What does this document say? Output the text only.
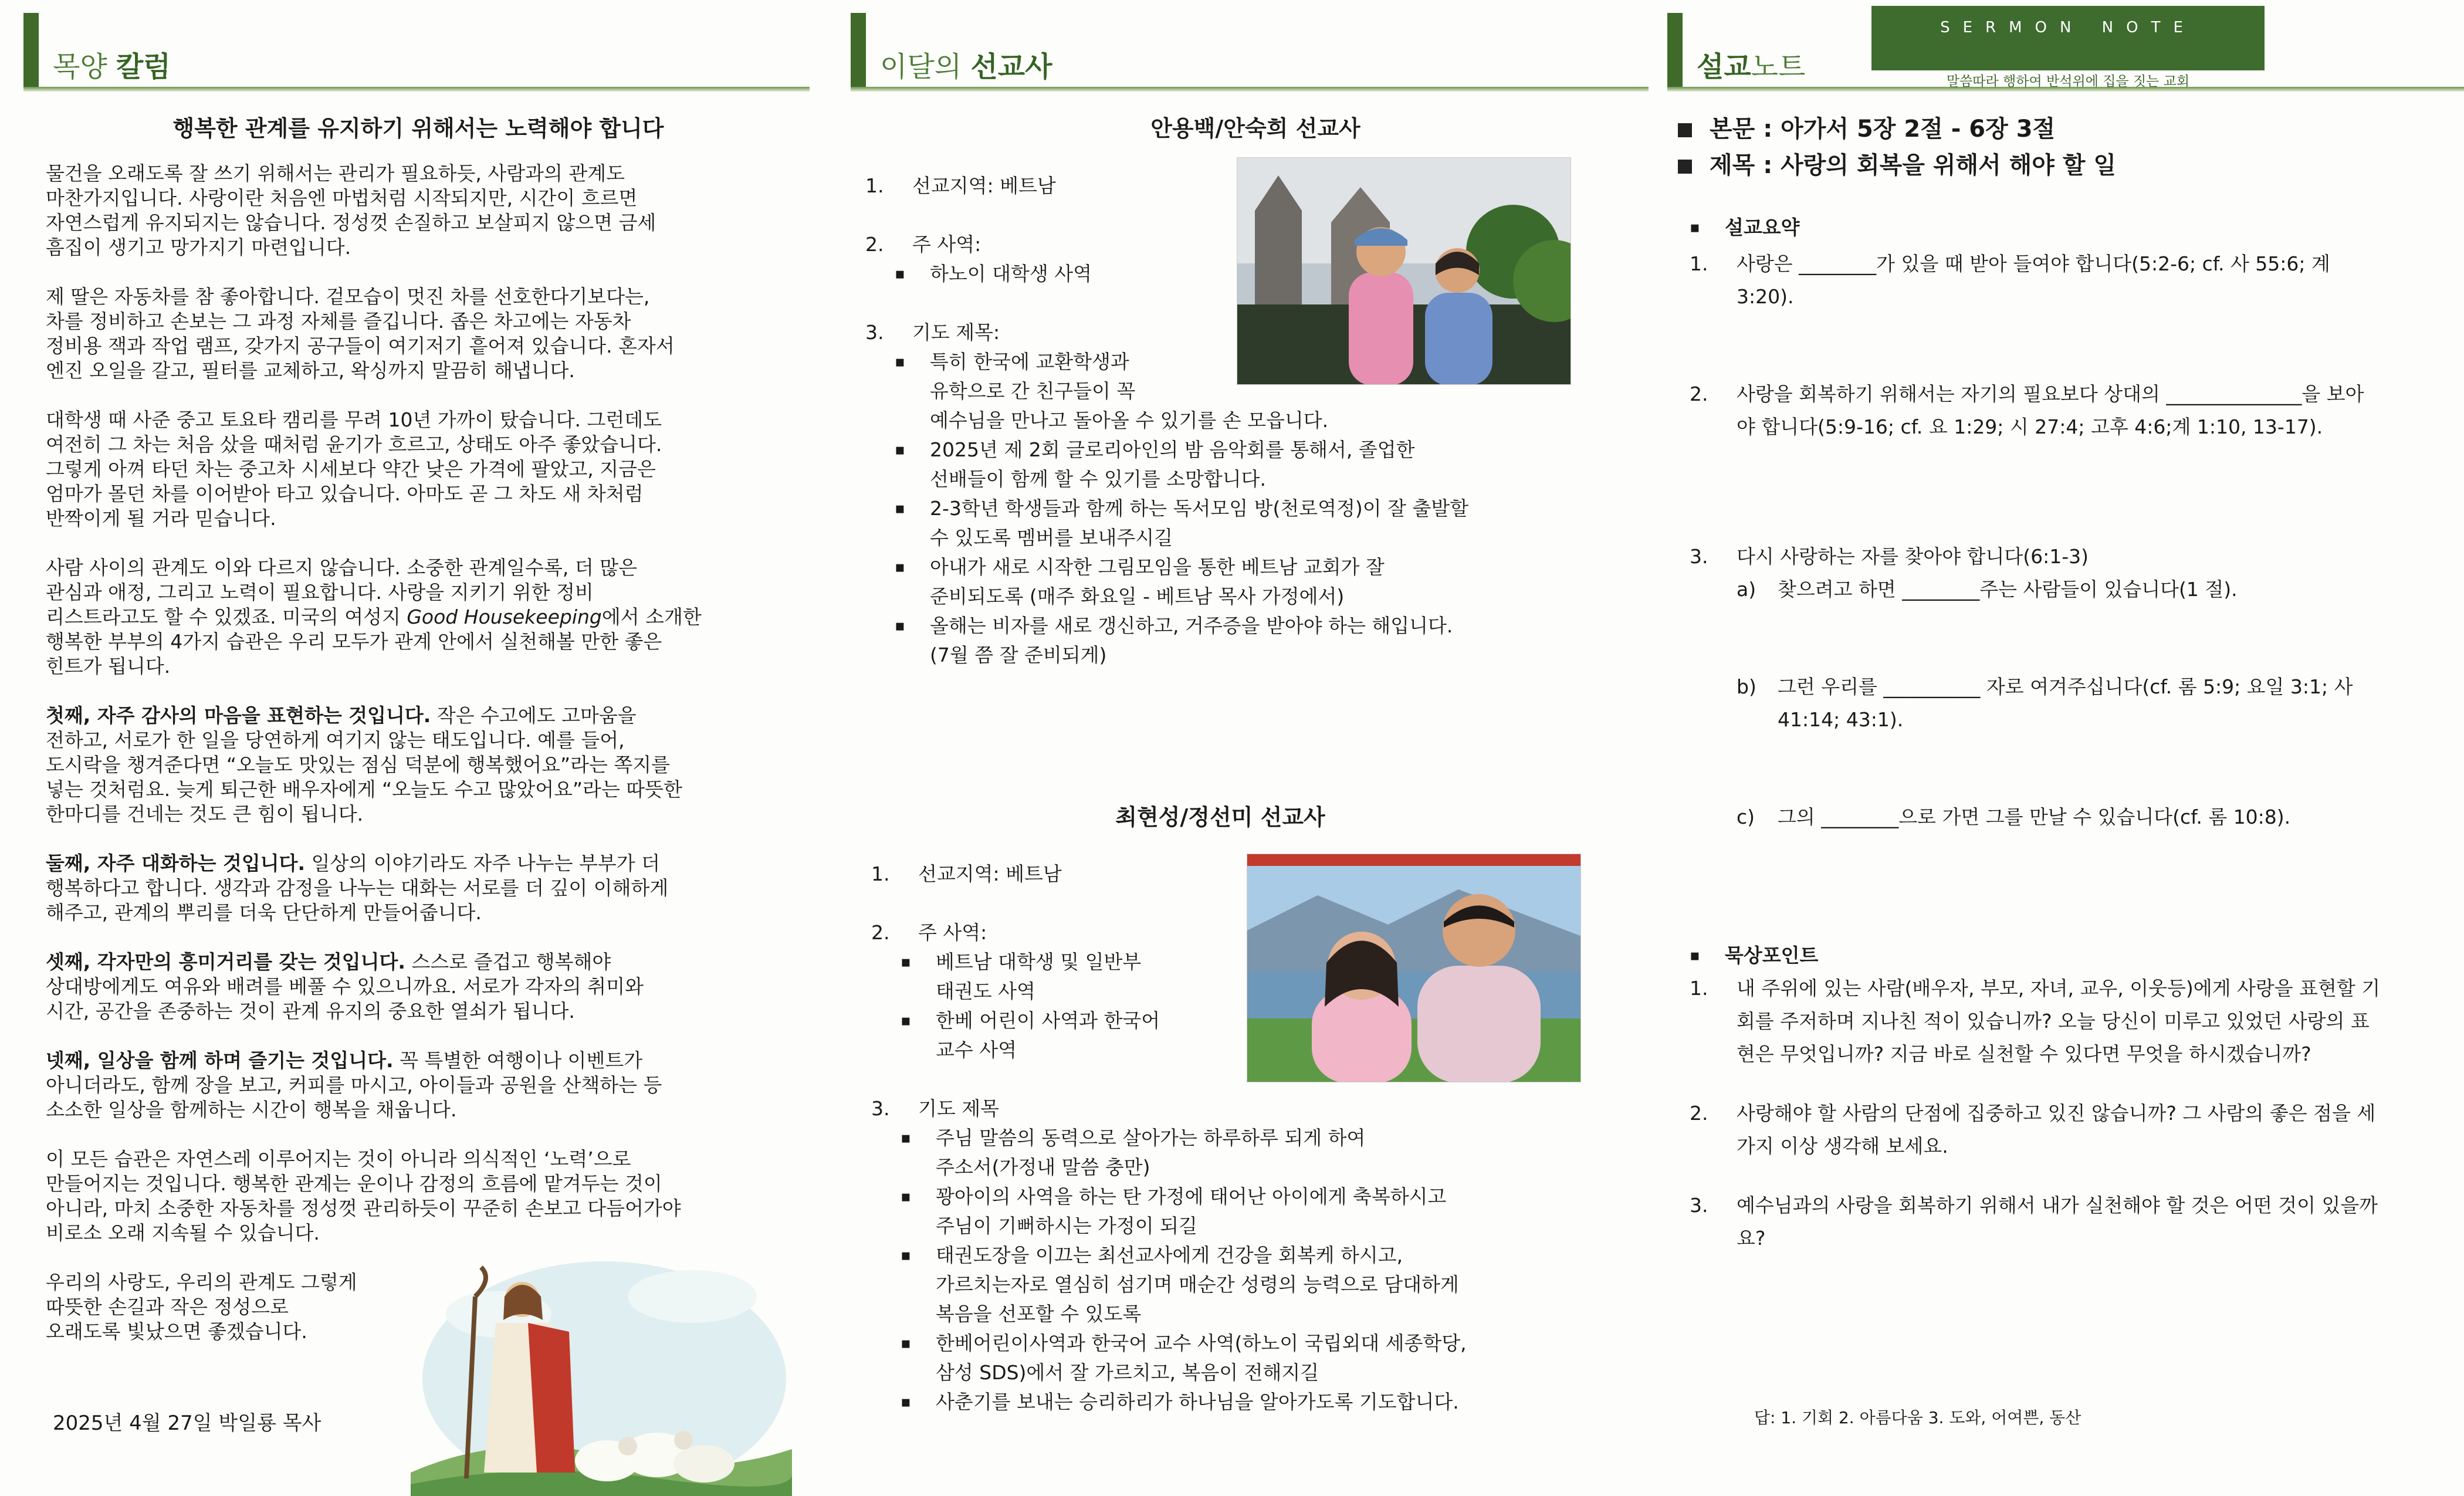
목양 칼럼
행복한 관계를 유지하기 위해서는 노력해야 합니다
물건을 오래도록 잘 쓰기 위해서는 관리가 필요하듯, 사람과의 관계도
마찬가지입니다. 사랑이란 처음엔 마법처럼 시작되지만, 시간이 흐르면
자연스럽게 유지되지는 않습니다. 정성껏 손질하고 보살피지 않으면 금세
흠집이 생기고 망가지기 마련입니다.
제 딸은 자동차를 참 좋아합니다. 겉모습이 멋진 차를 선호한다기보다는,
차를 정비하고 손보는 그 과정 자체를 즐깁니다. 좁은 차고에는 자동차
정비용 잭과 작업 램프, 갖가지 공구들이 여기저기 흩어져 있습니다. 혼자서
엔진 오일을 갈고, 필터를 교체하고, 왁싱까지 말끔히 해냅니다.
대학생 때 사준 중고 토요타 캠리를 무려 10년 가까이 탔습니다. 그런데도
여전히 그 차는 처음 샀을 때처럼 윤기가 흐르고, 상태도 아주 좋았습니다.
그렇게 아껴 타던 차는 중고차 시세보다 약간 낮은 가격에 팔았고, 지금은
엄마가 몰던 차를 이어받아 타고 있습니다. 아마도 곧 그 차도 새 차처럼
반짝이게 될 거라 믿습니다.
사람 사이의 관계도 이와 다르지 않습니다. 소중한 관계일수록, 더 많은
관심과 애정, 그리고 노력이 필요합니다. 사랑을 지키기 위한 정비
리스트라고도 할 수 있겠죠. 미국의 여성지 Good Housekeeping에서 소개한
행복한 부부의 4가지 습관은 우리 모두가 관계 안에서 실천해볼 만한 좋은
힌트가 됩니다.
첫째, 자주 감사의 마음을 표현하는 것입니다. 작은 수고에도 고마움을
전하고, 서로가 한 일을 당연하게 여기지 않는 태도입니다. 예를 들어,
도시락을 챙겨준다면 “오늘도 맛있는 점심 덕분에 행복했어요”라는 쪽지를
넣는 것처럼요. 늦게 퇴근한 배우자에게 “오늘도 수고 많았어요”라는 따뜻한
한마디를 건네는 것도 큰 힘이 됩니다.
둘째, 자주 대화하는 것입니다. 일상의 이야기라도 자주 나누는 부부가 더
행복하다고 합니다. 생각과 감정을 나누는 대화는 서로를 더 깊이 이해하게
해주고, 관계의 뿌리를 더욱 단단하게 만들어줍니다.
셋째, 각자만의 흥미거리를 갖는 것입니다. 스스로 즐겁고 행복해야
상대방에게도 여유와 배려를 베풀 수 있으니까요. 서로가 각자의 취미와
시간, 공간을 존중하는 것이 관계 유지의 중요한 열쇠가 됩니다.
넷째, 일상을 함께 하며 즐기는 것입니다. 꼭 특별한 여행이나 이벤트가
아니더라도, 함께 장을 보고, 커피를 마시고, 아이들과 공원을 산책하는 등
소소한 일상을 함께하는 시간이 행복을 채웁니다.
이 모든 습관은 자연스레 이루어지는 것이 아니라 의식적인 ‘노력’으로
만들어지는 것입니다. 행복한 관계는 운이나 감정의 흐름에 맡겨두는 것이
아니라, 마치 소중한 자동차를 정성껏 관리하듯이 꾸준히 손보고 다듬어가야
비로소 오래 지속될 수 있습니다.
우리의 사랑도, 우리의 관계도 그렇게
따뜻한 손길과 작은 정성으로
오래도록 빛났으면 좋겠습니다.
2025년 4월 27일 박일룡 목사
이달의 선교사
안용백/안숙희 선교사
1. 선교지역: 베트남
2. 주 사역:
▪ 하노이 대학생 사역
3. 기도 제목:
▪ 특히 한국에 교환학생과
유학으로 간 친구들이 꼭
예수님을 만나고 돌아올 수 있기를 손 모읍니다.
▪ 2025년 제 2회 글로리아인의 밤 음악회를 통해서, 졸업한
선배들이 함께 할 수 있기를 소망합니다.
▪ 2-3학년 학생들과 함께 하는 독서모임 방(천로역정)이 잘 출발할
수 있도록 멤버를 보내주시길
▪ 아내가 새로 시작한 그림모임을 통한 베트남 교회가 잘
준비되도록 (매주 화요일 - 베트남 목사 가정에서)
▪ 올해는 비자를 새로 갱신하고, 거주증을 받아야 하는 해입니다.
(7월 쯤 잘 준비되게)
최현성/정선미 선교사
1. 선교지역: 베트남
2. 주 사역:
▪ 베트남 대학생 및 일반부
태권도 사역
▪ 한베 어린이 사역과 한국어
교수 사역
3. 기도 제목
▪ 주님 말씀의 동력으로 살아가는 하루하루 되게 하여
주소서(가정내 말씀 충만)
▪ 꽝아이의 사역을 하는 탄 가정에 태어난 아이에게 축복하시고
주님이 기뻐하시는 가정이 되길
▪ 태권도장을 이끄는 최선교사에게 건강을 회복케 하시고,
가르치는자로 열심히 섬기며 매순간 성령의 능력으로 담대하게
복음을 선포할 수 있도록
▪ 한베어린이사역과 한국어 교수 사역(하노이 국립외대 세종학당,
삼성 SDS)에서 잘 가르치고, 복음이 전해지길
▪ 사춘기를 보내는 승리하리가 하나님을 알아가도록 기도합니다.
설교노트
SERMON NOTE
말씀따라 행하여 반석위에 집을 짓는 교회
본문 : 아가서 5장 2절 - 6장 3절
제목 : 사랑의 회복을 위해서 해야 할 일
▪ 설교요약
1.	사랑은 ________가 있을 때 받아 들여야 합니다(5:2-6; cf. 사 55:6; 계 3:20).
2.	사랑을 회복하기 위해서는 자기의 필요보다 상대의 ______________을 보아야 합니다(5:9-16; cf. 요 1:29; 시 27:4; 고후 4:6;계 1:10, 13-17).
3.	다시 사랑하는 자를 찾아야 합니다(6:1-3)
a)	찾으려고 하면 ________주는 사람들이 있습니다(1 절).
b)	그런 우리를 __________ 자로 여겨주십니다(cf. 롬 5:9; 요일 3:1; 사 41:14; 43:1).
c)	그의 ________으로 가면 그를 만날 수 있습니다(cf. 롬 10:8).
▪ 묵상포인트
1.	내 주위에 있는 사람(배우자, 부모, 자녀, 교우, 이웃등)에게 사랑을 표현할 기회를 주저하며 지나친 적이 있습니까? 오늘 당신이 미루고 있었던 사랑의 표현은 무엇입니까? 지금 바로 실천할 수 있다면 무엇을 하시겠습니까?
2.	사랑해야 할 사람의 단점에 집중하고 있진 않습니까? 그 사람의 좋은 점을 세가지 이상 생각해 보세요.
3.	예수님과의 사랑을 회복하기 위해서 내가 실천해야 할 것은 어떤 것이 있을까요?
답: 1. 기회 2. 아름다움 3. 도와, 어여쁜, 동산
